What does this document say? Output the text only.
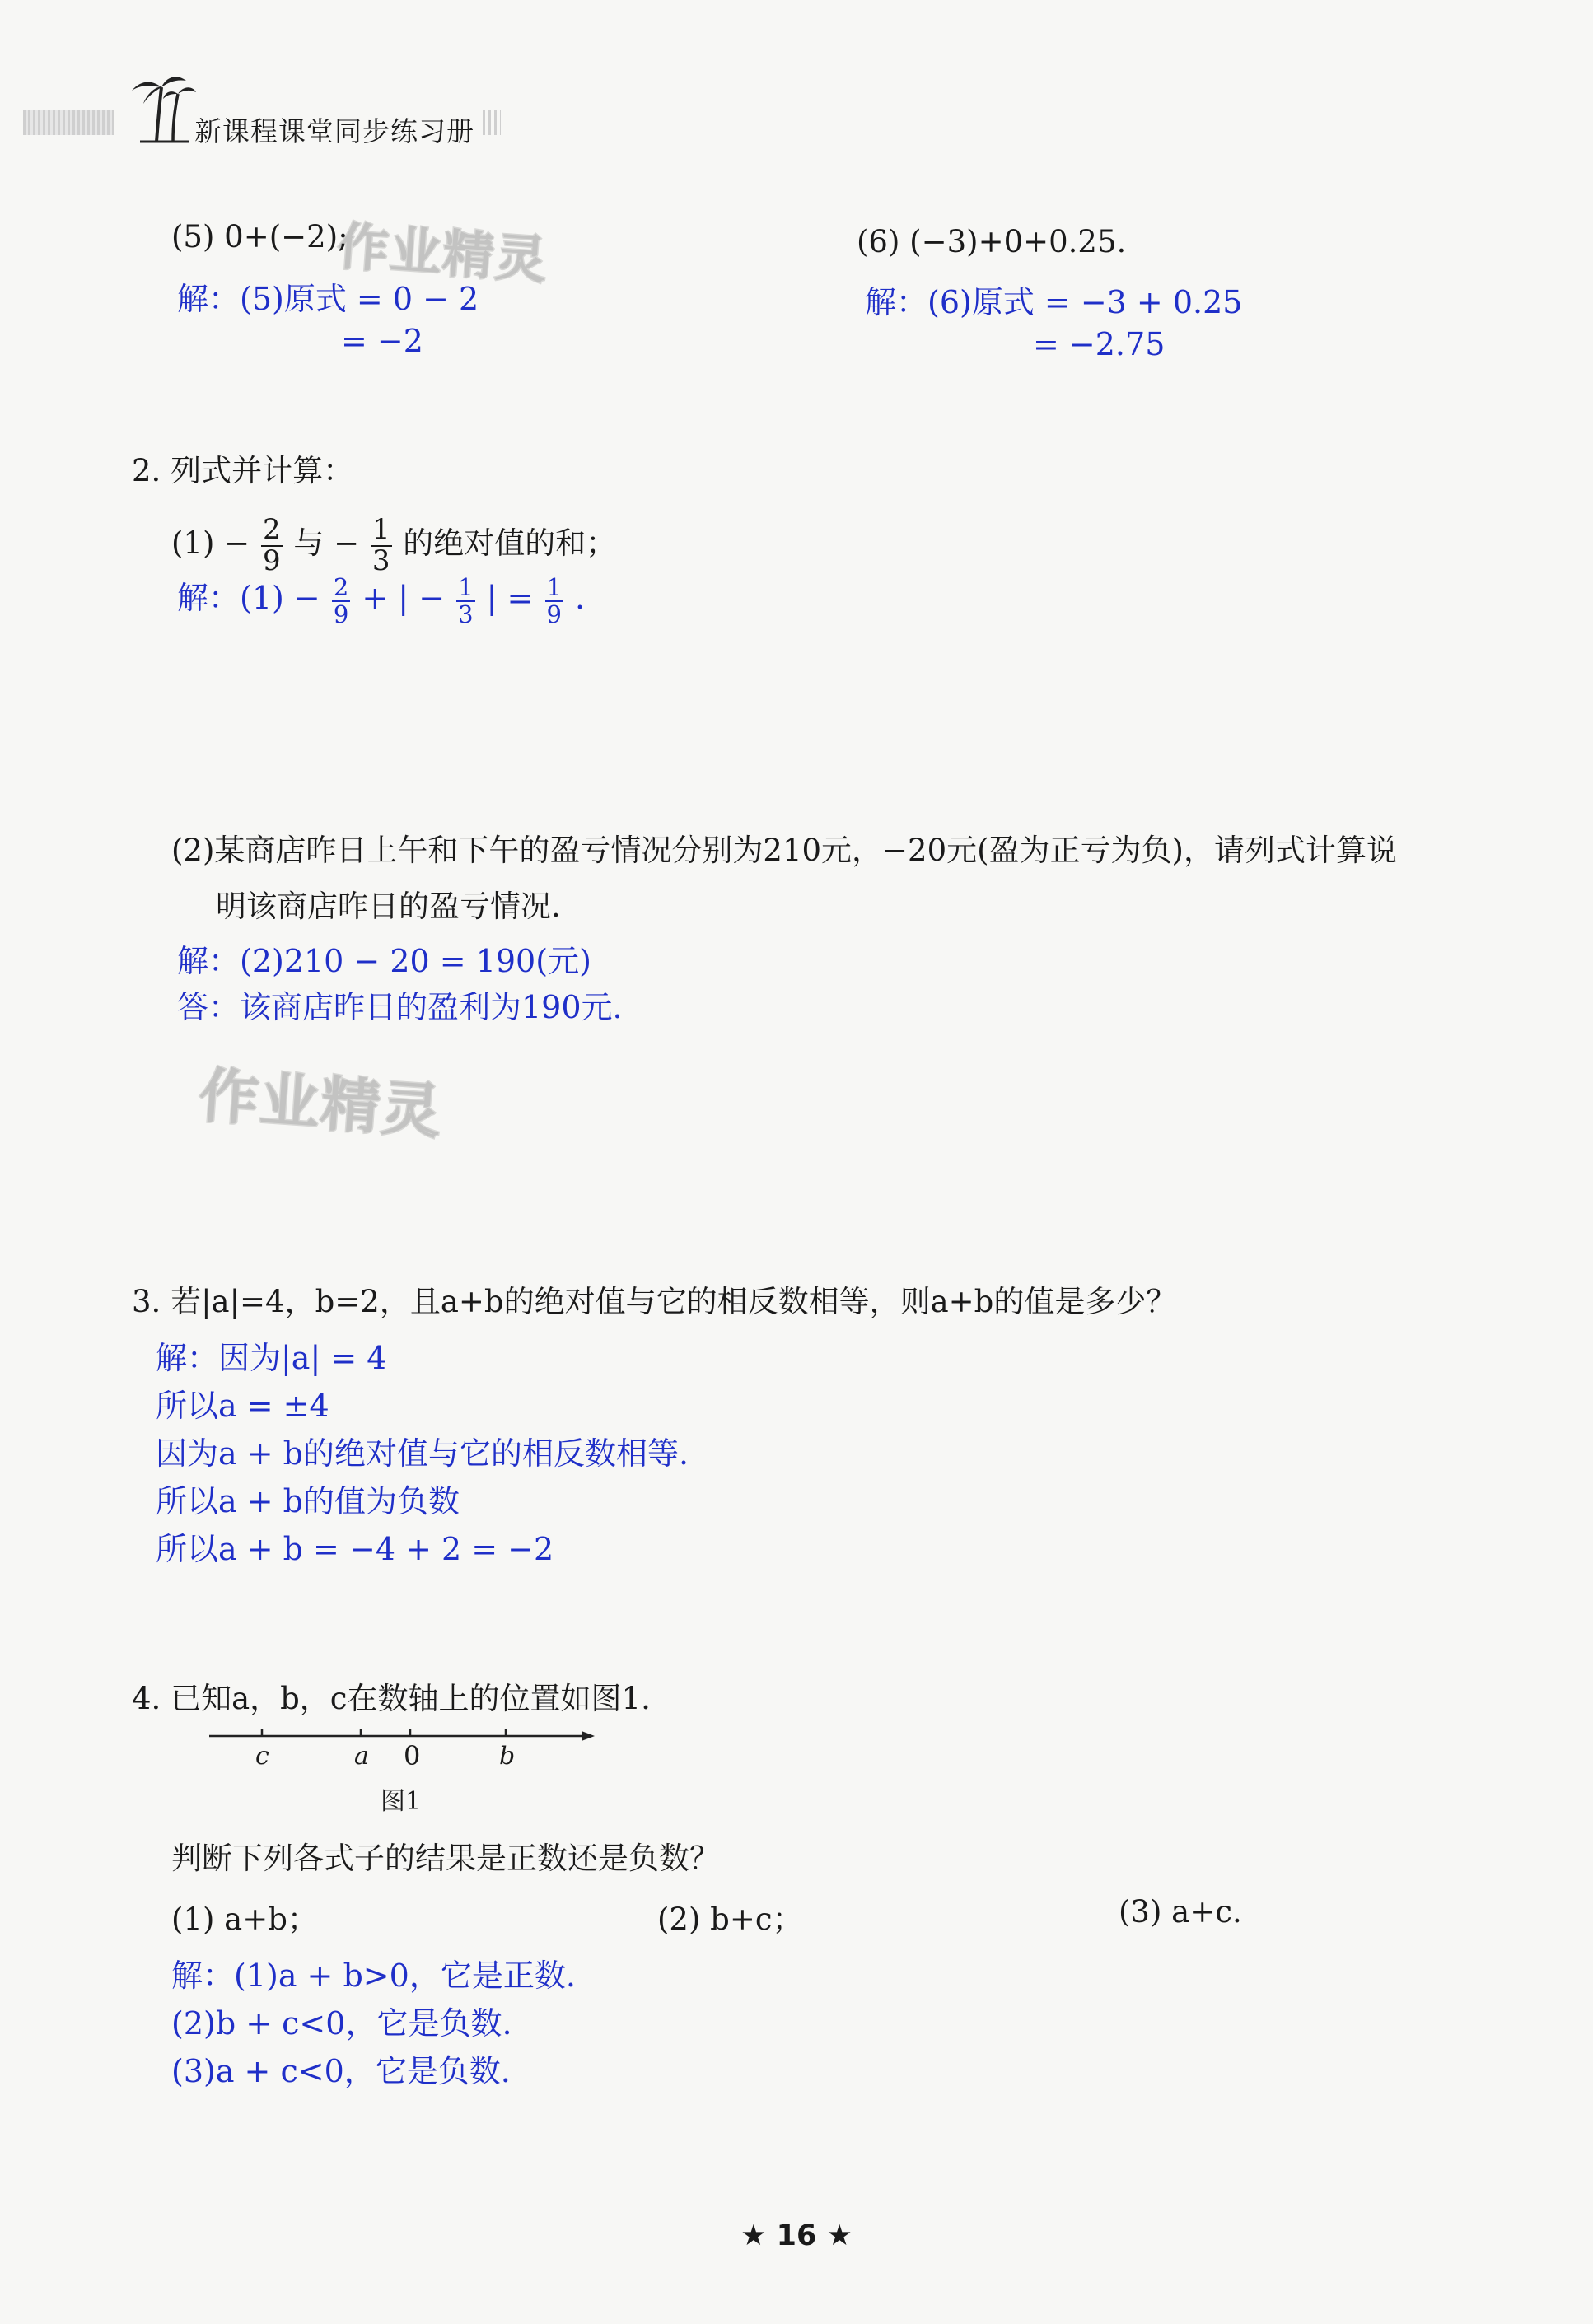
新课程课堂同步练习册
作业精灵
作业精灵
(5) 0+(−2);
解：(5)原式 = 0 − 2
= −2
(6) (−3)+0+0.25.
解：(6)原式 = −3 + 0.25
= −2.75
2. 列式并计算：
$(1) - \frac{2}{9}$ 与 − $\frac{1}{3}$ 的绝对值的和；
解：$(1) - \frac{2}{9}$ + | − $\frac{1}{3}$ | = $\frac{1}{9}$ .
(2)某商店昨日上午和下午的盈亏情况分别为210元，−20元(盈为正亏为负)，请列式计算说
明该商店昨日的盈亏情况.
解：(2)210 − 20 = 190(元)
答：该商店昨日的盈利为190元.
3. 若|a|=4，b=2，且a+b的绝对值与它的相反数相等，则a+b的值是多少？
解：因为|a| = 4
所以a = ±4
因为a + b的绝对值与它的相反数相等.
所以a + b的值为负数
所以a + b = −4 + 2 = −2
4. 已知a，b，c在数轴上的位置如图1.
c	a 0	b
图1
判断下列各式子的结果是正数还是负数？
(1) a+b；	(2) b+c；	(3) a+c.
解：(1)a + b>0，它是正数.
(2)b + c<0，它是负数.
(3)a + c<0，它是负数.
★ 16 ★
